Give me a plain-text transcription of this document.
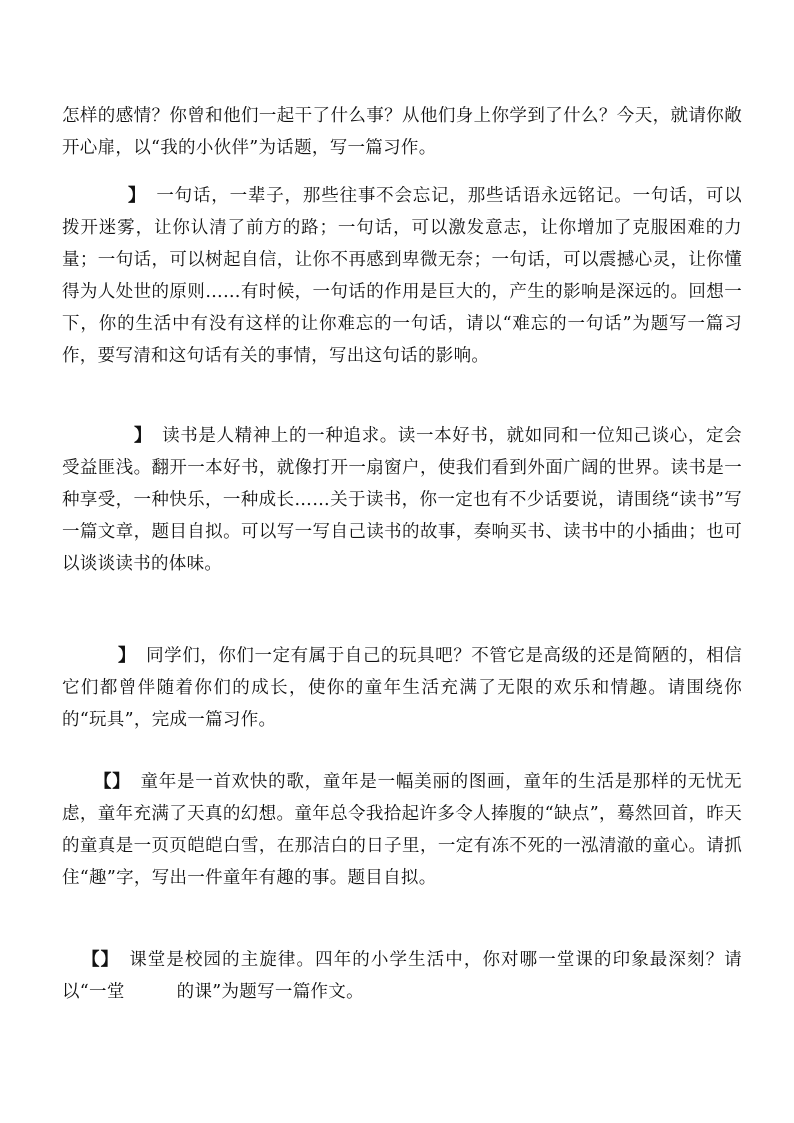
怎样的感情？你曾和他们一起干了什么事？从他们身上你学到了什么？今天，就请你敞开心扉，以“我的小伙伴”为话题，写一篇习作。

】 一句话，一辈子，那些往事不会忘记，那些话语永远铭记。一句话，可以拨开迷雾，让你认清了前方的路；一句话，可以激发意志，让你增加了克服困难的力量；一句话，可以树起自信，让你不再感到卑微无奈；一句话，可以震撼心灵，让你懂得为人处世的原则……有时候，一句话的作用是巨大的，产生的影响是深远的。回想一下，你的生活中有没有这样的让你难忘的一句话，请以“难忘的一句话”为题写一篇习作，要写清和这句话有关的事情，写出这句话的影响。

】 读书是人精神上的一种追求。读一本好书，就如同和一位知己谈心，定会受益匪浅。翻开一本好书，就像打开一扇窗户，使我们看到外面广阔的世界。读书是一种享受，一种快乐，一种成长……关于读书，你一定也有不少话要说，请围绕“读书”写一篇文章，题目自拟。可以写一写自己读书的故事，奏响买书、读书中的小插曲；也可以谈谈读书的体味。

】 同学们，你们一定有属于自己的玩具吧？不管它是高级的还是简陋的，相信它们都曾伴随着你们的成长，使你的童年生活充满了无限的欢乐和情趣。请围绕你的“玩具”，完成一篇习作。

【】 童年是一首欢快的歌，童年是一幅美丽的图画，童年的生活是那样的无忧无虑，童年充满了天真的幻想。童年总令我拾起许多令人捧腹的“缺点”，蓦然回首，昨天的童真是一页页皑皑白雪，在那洁白的日子里，一定有冻不死的一泓清澈的童心。请抓住“趣”字，写出一件童年有趣的事。题目自拟。

【】 课堂是校园的主旋律。四年的小学生活中，你对哪一堂课的印象最深刻？请以“一堂	的课”为题写一篇作文。
